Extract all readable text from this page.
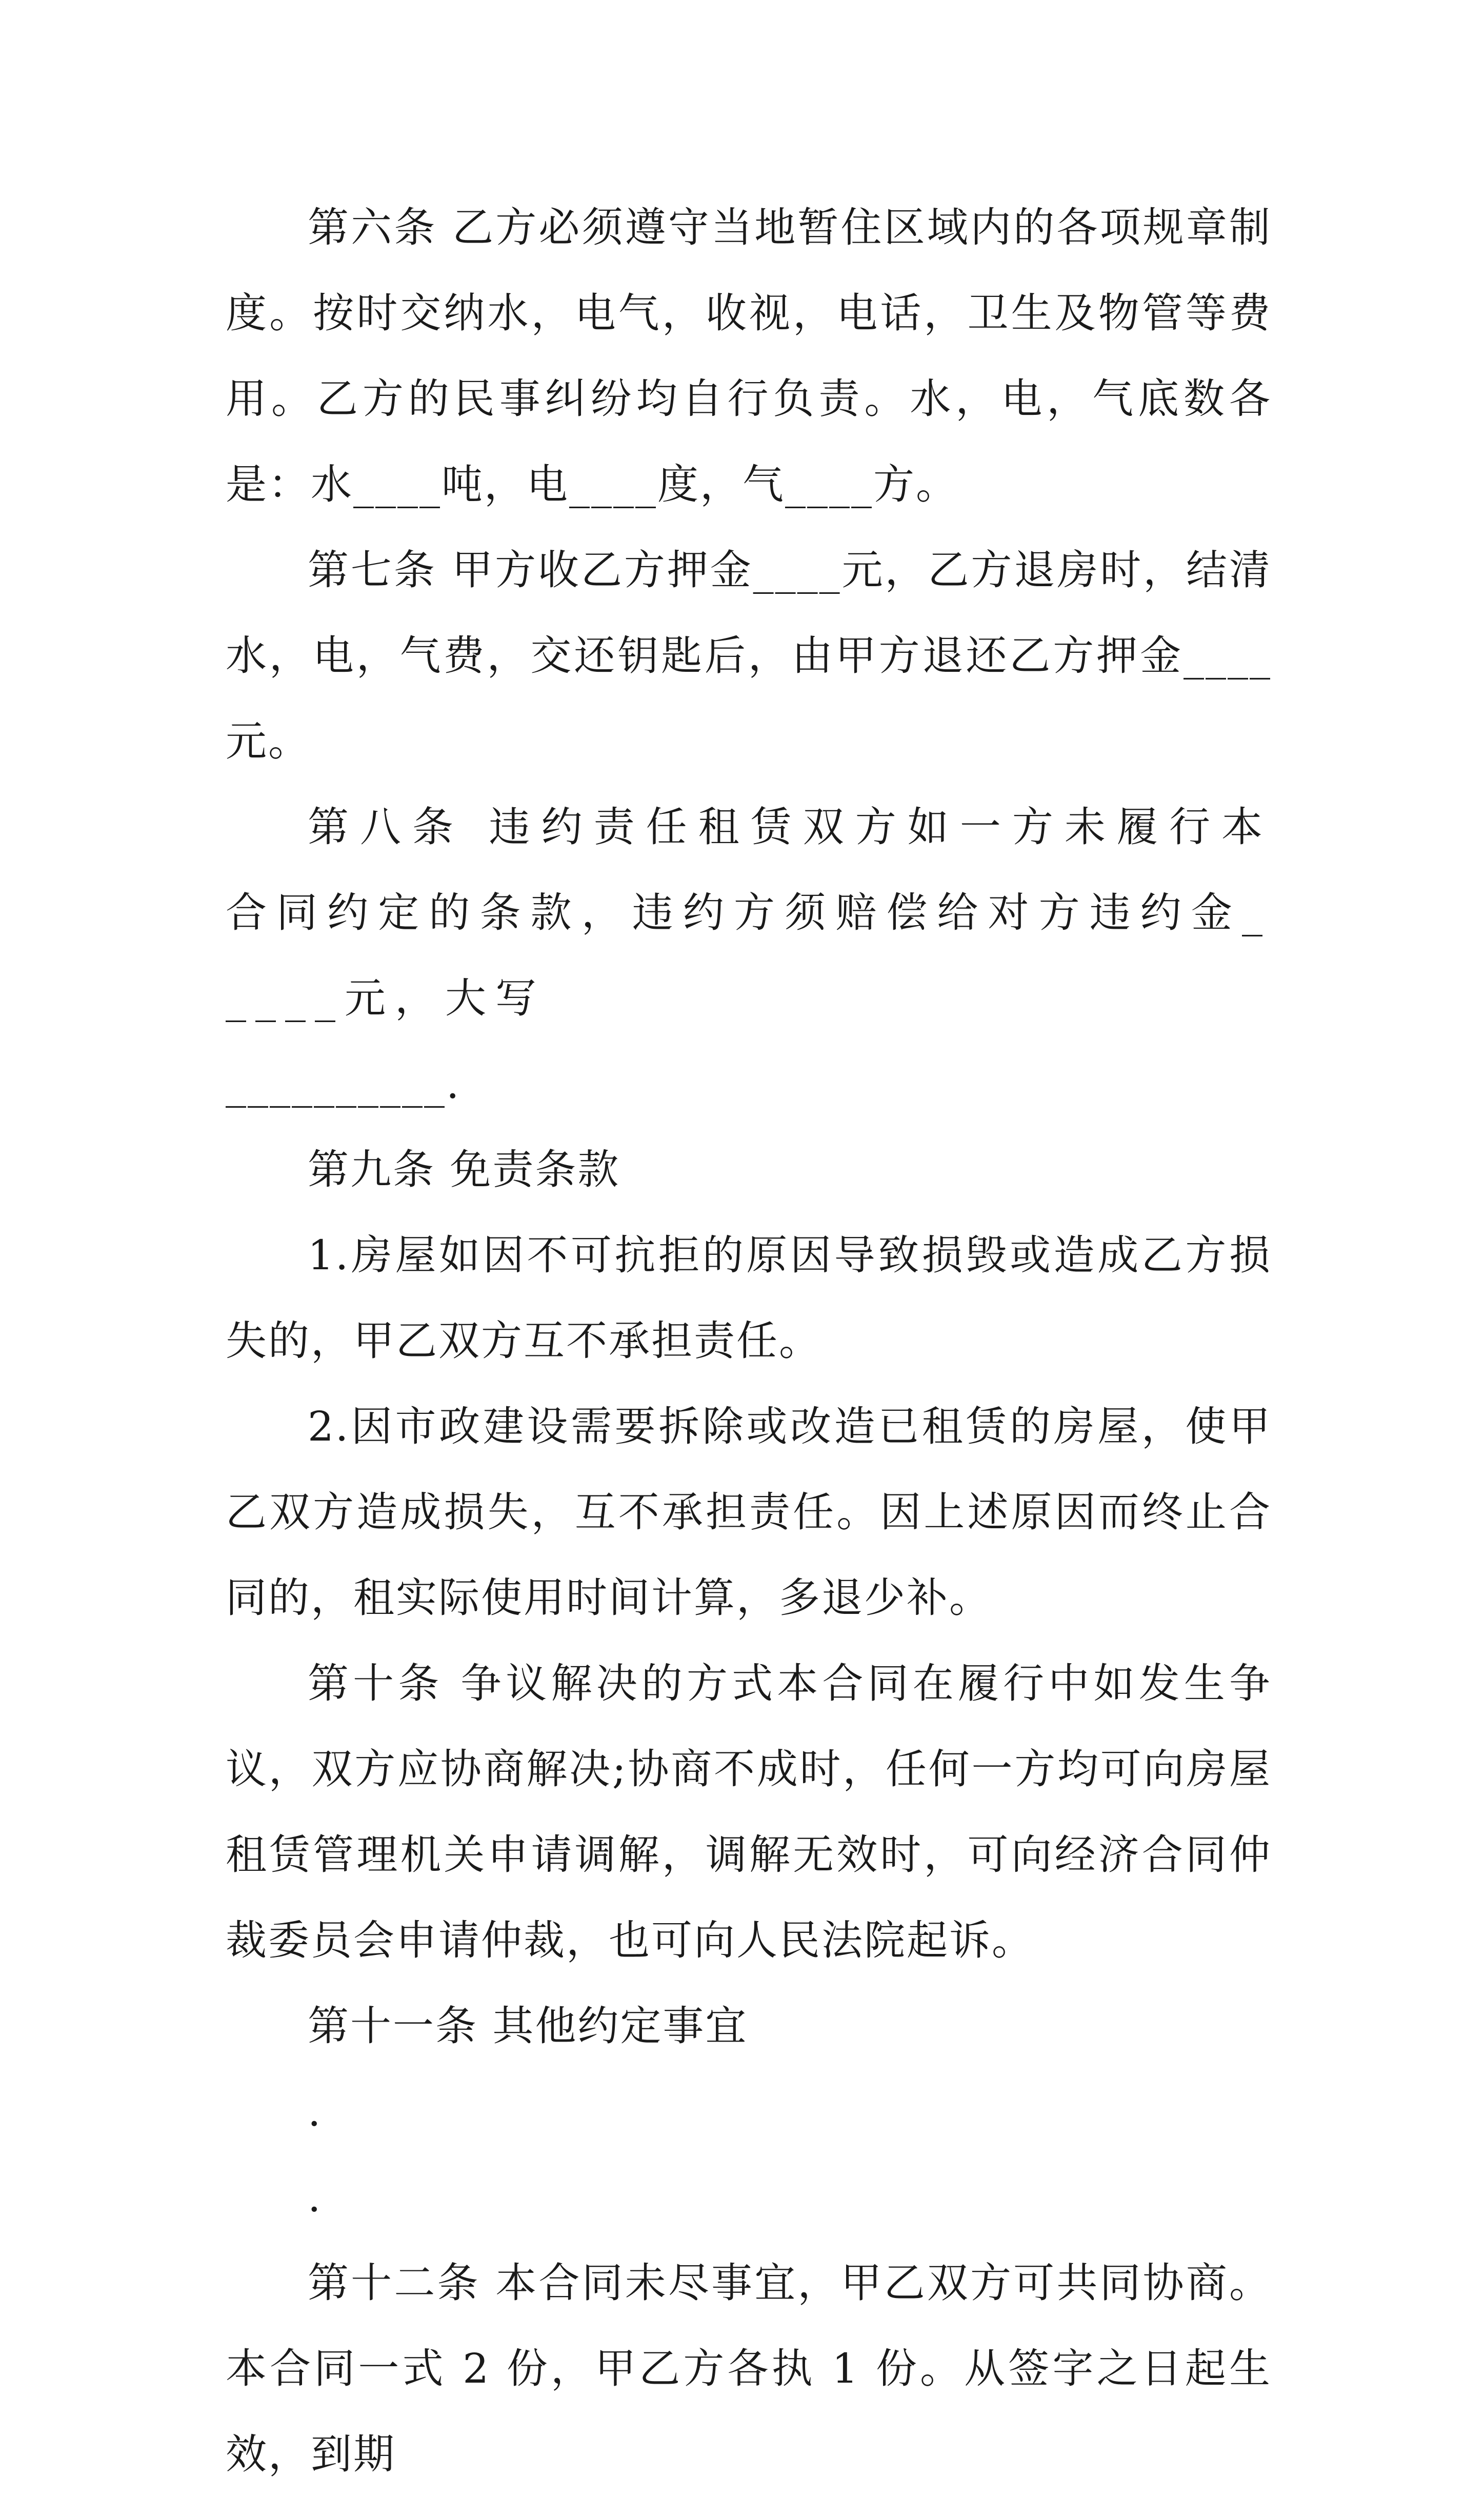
第六条 乙方必须遵守当地暂住区域内的各项规章制度。按时交纳水，电气，收视，电话，卫生及物管等费用。乙方的民事纠纷均自行负责。水，电，气底数各是：水____吨，电____度，气____方。

第七条 甲方收乙方押金____元，乙方退房时，结清水，电，气费，交还钥匙后，由甲方退还乙方押金____元。

第八条 违约责任租赁双方如一方未履行本合同约定的条款，违约方须赔偿给对方违约金_____元，大写

__________.

第九条 免责条款

1.房屋如因不可抗拒的原因导致损毁或造成乙方损失的，甲乙双方互不承担责任。

2.因市政建设需要拆除或改造已租赁的房屋，使甲乙双方造成损失，互不承担责任。因上述原因而终止合同的，租实际使用时间计算，多退少补。

第十条 争议解决的方式本合同在履行中如发生争议，双方应协商解决;协商不成时，任何一方均可向房屋租赁管理机关申请调解，调解无效时，可向经济合同仲裁委员会申请仲裁，也可向人民法院起诉。

第十一条 其他约定事宜

.

.

第十二条 本合同未尽事宜，甲乙双方可共同协商。本合同一式 2 份，甲乙方各执 1 份。从签字之日起生效，到期
